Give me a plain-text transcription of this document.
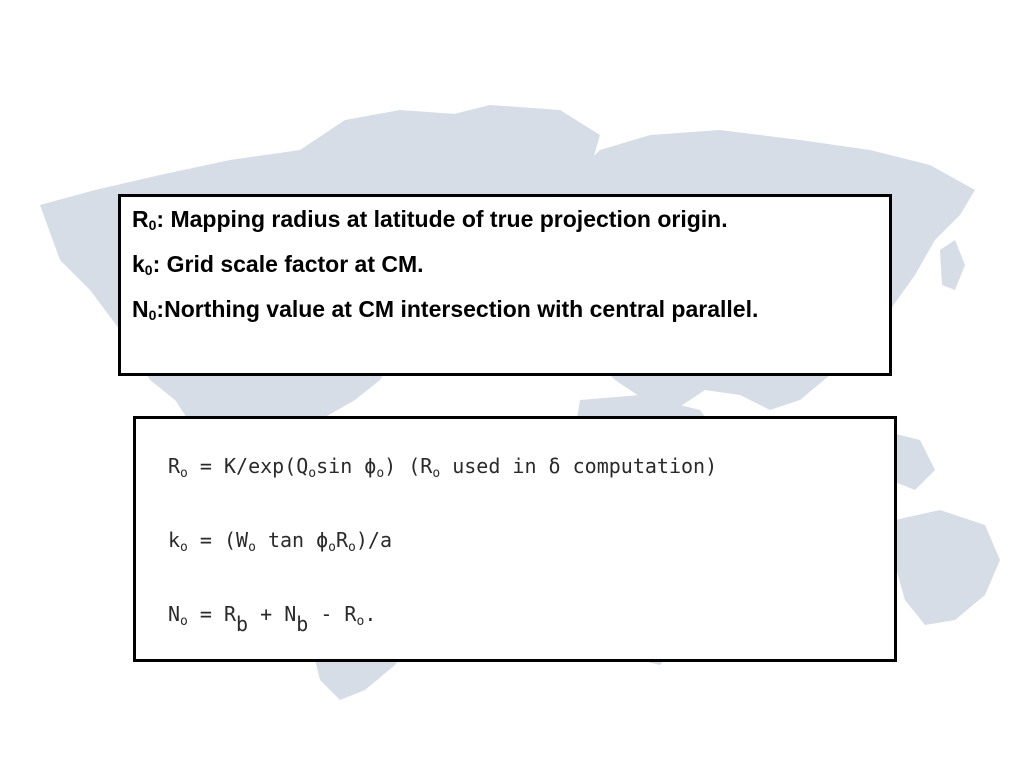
$R_0$: Mapping radius at latitude of true projection origin.

$k_0$: Grid scale factor at CM.

$N_0:Northing$ value at CM intersection with central parallel.

$R_o = K/\exp(Q_o\sin$ $\phi_o$) ($R_o$ used in δ computation)

$k_o = (W_o$ $\tan \phi_oR_o)/a$

$N_o = R_b + N_b - R_o$.
